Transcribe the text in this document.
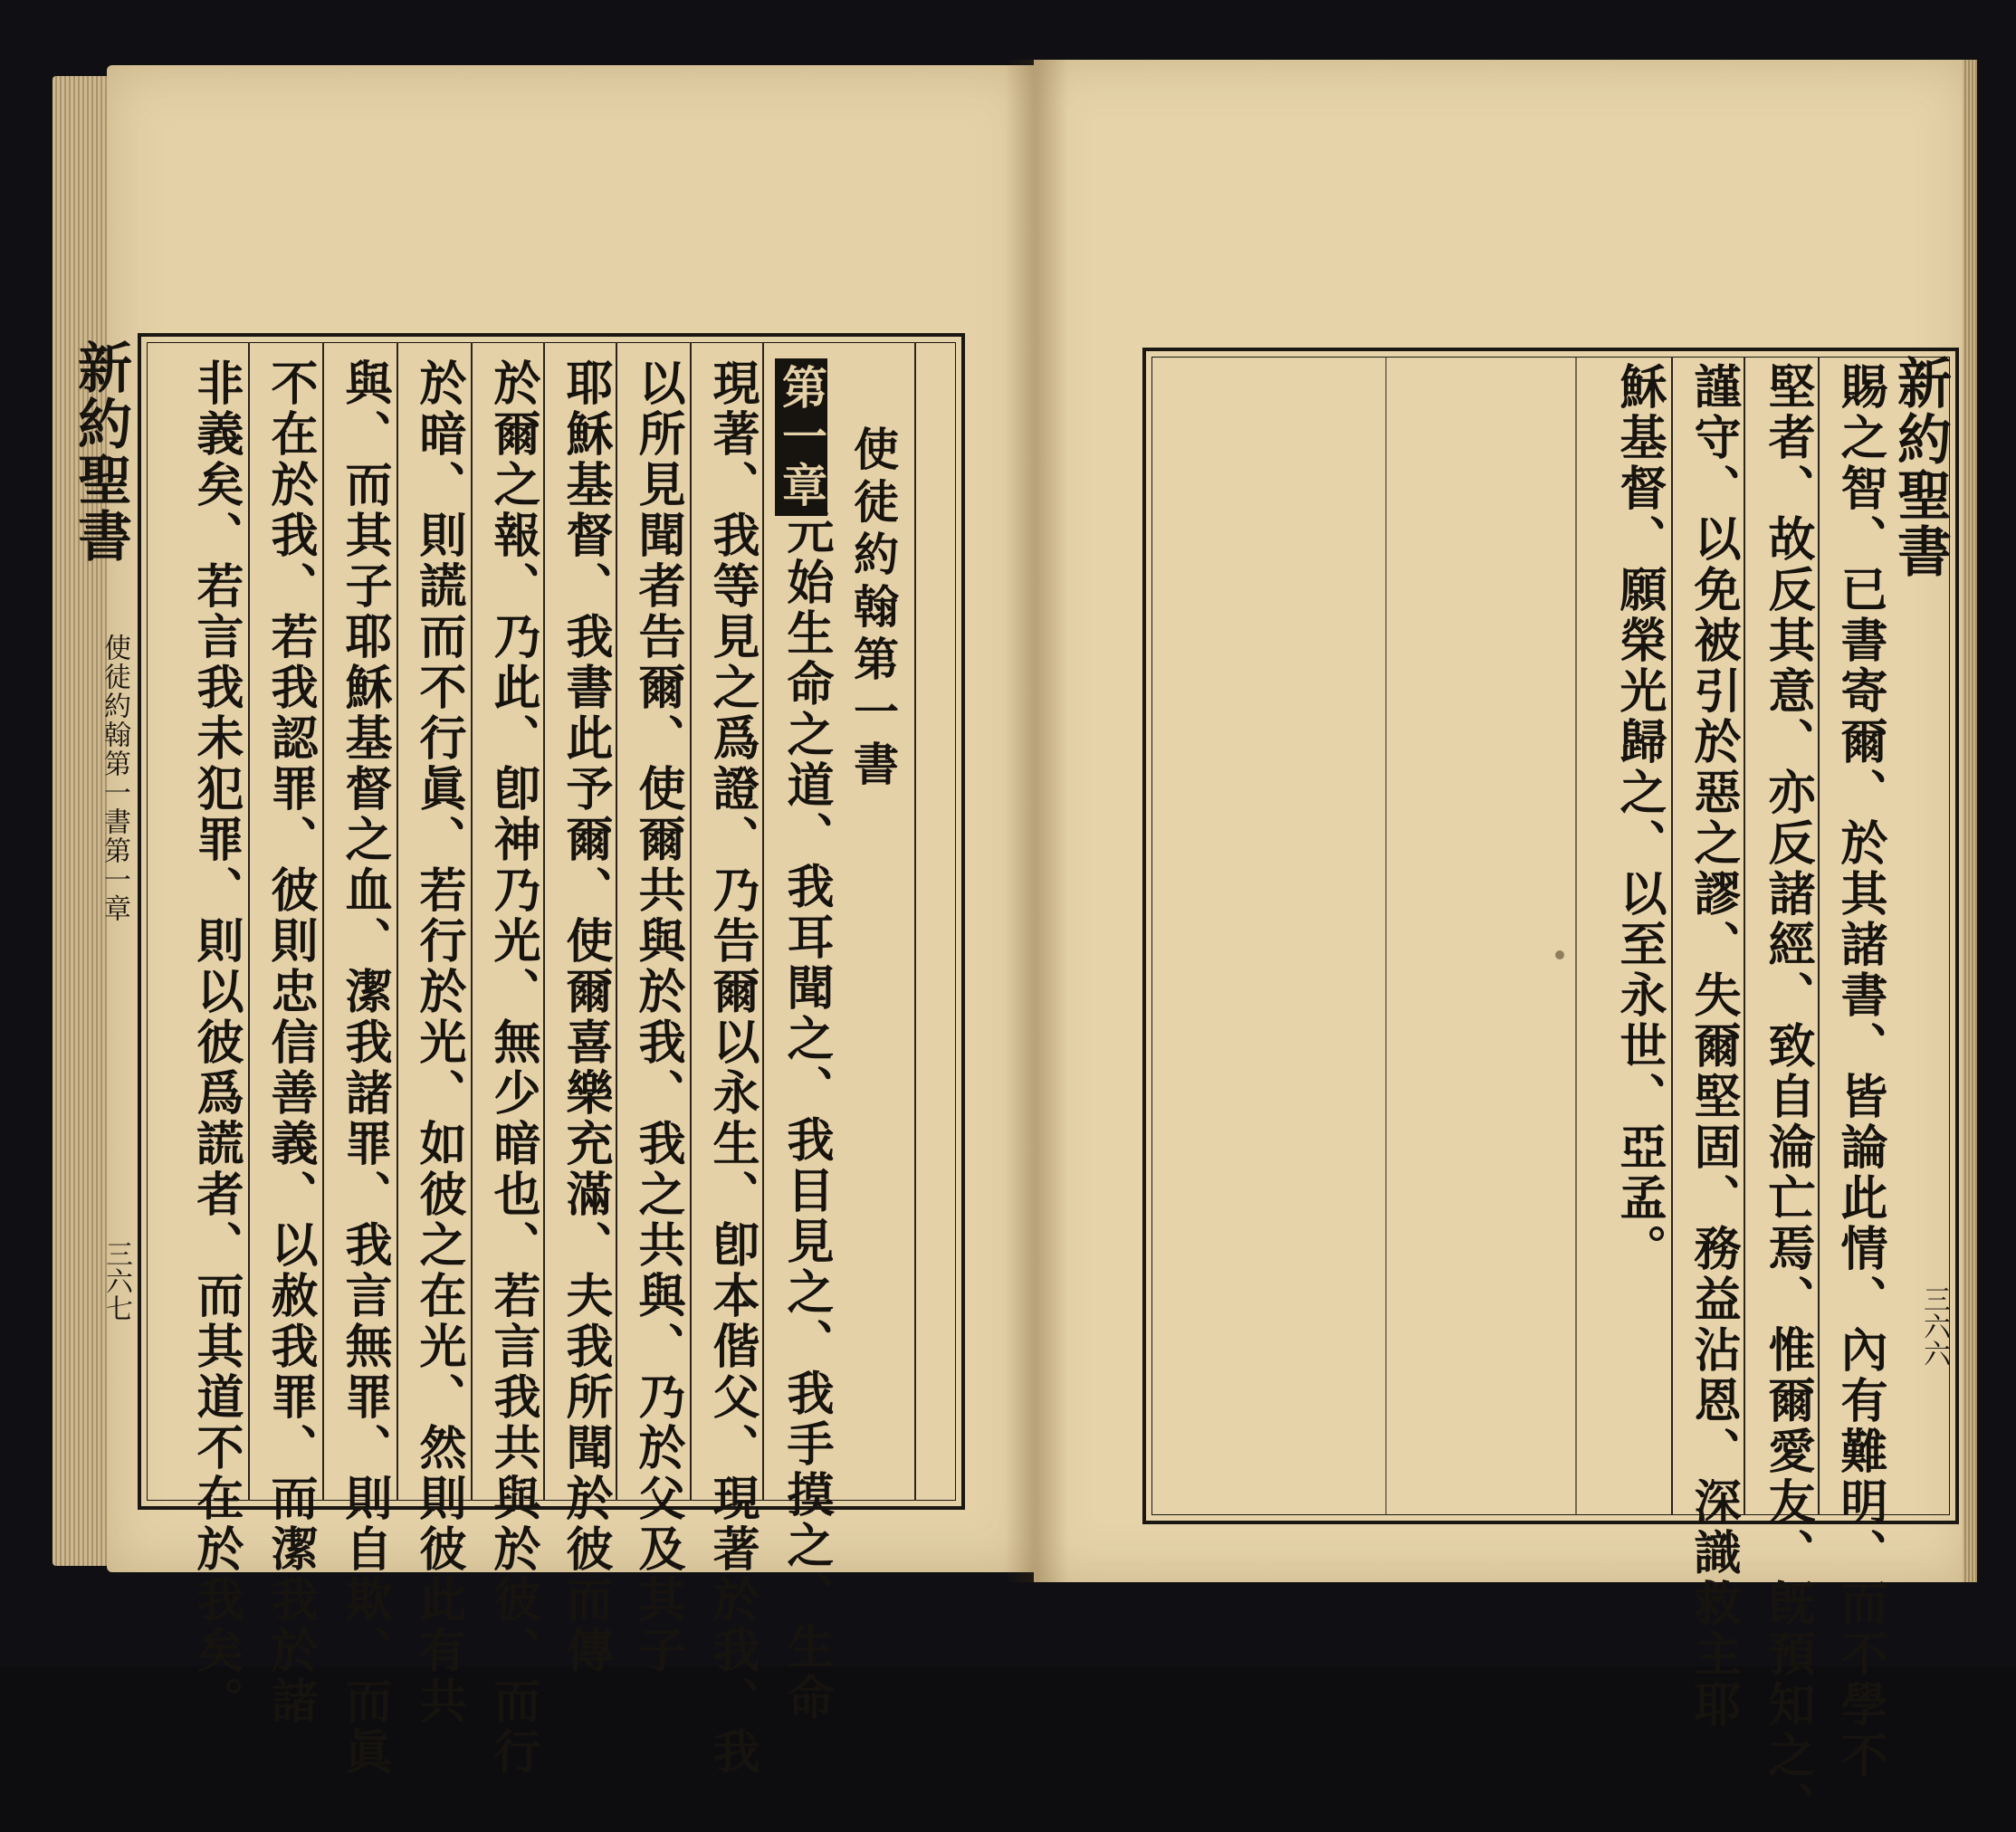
新約聖書
使徒約翰第一書第一章
三六七
使徒約翰第一書
第一章
元始生命之道、我耳聞之、我目見之、我手摸之、生命
現著、我等見之爲證、乃告爾以永生、卽本偕父、現著於我、我
以所見聞者告爾、使爾共與於我、我之共與、乃於父及其子
耶穌基督、我書此予爾、使爾喜樂充滿、夫我所聞於彼而傳
於爾之報、乃此、卽神乃光、無少暗也、若言我共與於彼、而行
於暗、則謊而不行眞、若行於光、如彼之在光、然則彼此有共
與、而其子耶穌基督之血、潔我諸罪、我言無罪、則自欺、而眞
不在於我、若我認罪、彼則忠信善義、以赦我罪、而潔我於諸
非義矣、若言我未犯罪、則以彼爲謊者、而其道不在於我矣。	賜之智、已書寄爾、於其諸書、皆論此情、內有難明、而不學不
堅者、故反其意、亦反諸經、致自淪亡焉、惟爾愛友、旣預知之、
謹守、以免被引於惡之謬、失爾堅固、務益沾恩、深識救主耶
穌基督、願榮光歸之、以至永世、亞孟。	新約聖書
三六六
